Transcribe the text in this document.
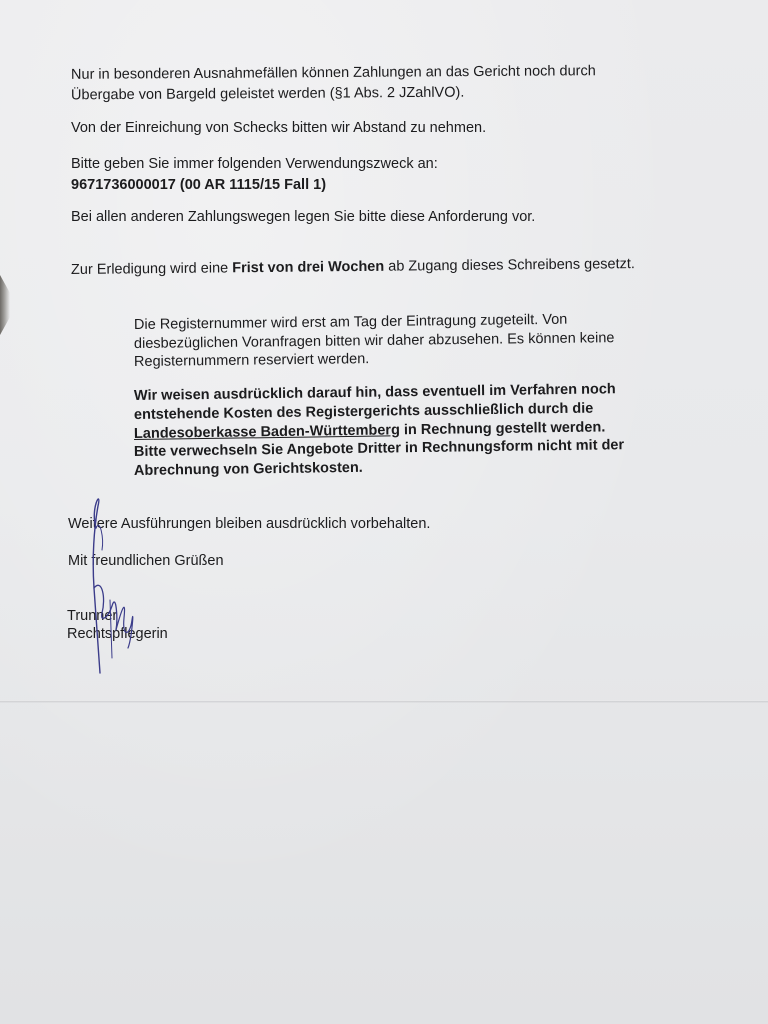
Nur in besonderen Ausnahmefällen können Zahlungen an das Gericht noch durch
Übergabe von Bargeld geleistet werden (§1 Abs. 2 JZahlVO).
Von der Einreichung von Schecks bitten wir Abstand zu nehmen.
Bitte geben Sie immer folgenden Verwendungszweck an:
9671736000017 (00 AR 1115/15 Fall 1)
Bei allen anderen Zahlungswegen legen Sie bitte diese Anforderung vor.
Zur Erledigung wird eine Frist von drei Wochen ab Zugang dieses Schreibens gesetzt.
Die Registernummer wird erst am Tag der Eintragung zugeteilt. Von
diesbezüglichen Voranfragen bitten wir daher abzusehen. Es können keine
Registernummern reserviert werden.
Wir weisen ausdrücklich darauf hin, dass eventuell im Verfahren noch
entstehende Kosten des Registergerichts ausschließlich durch die
Landesoberkasse Baden-Württemberg in Rechnung gestellt werden.
Bitte verwechseln Sie Angebote Dritter in Rechnungsform nicht mit der
Abrechnung von Gerichtskosten.
Weitere Ausführungen bleiben ausdrücklich vorbehalten.
Mit freundlichen Grüßen
Trunner
Rechtspflegerin
